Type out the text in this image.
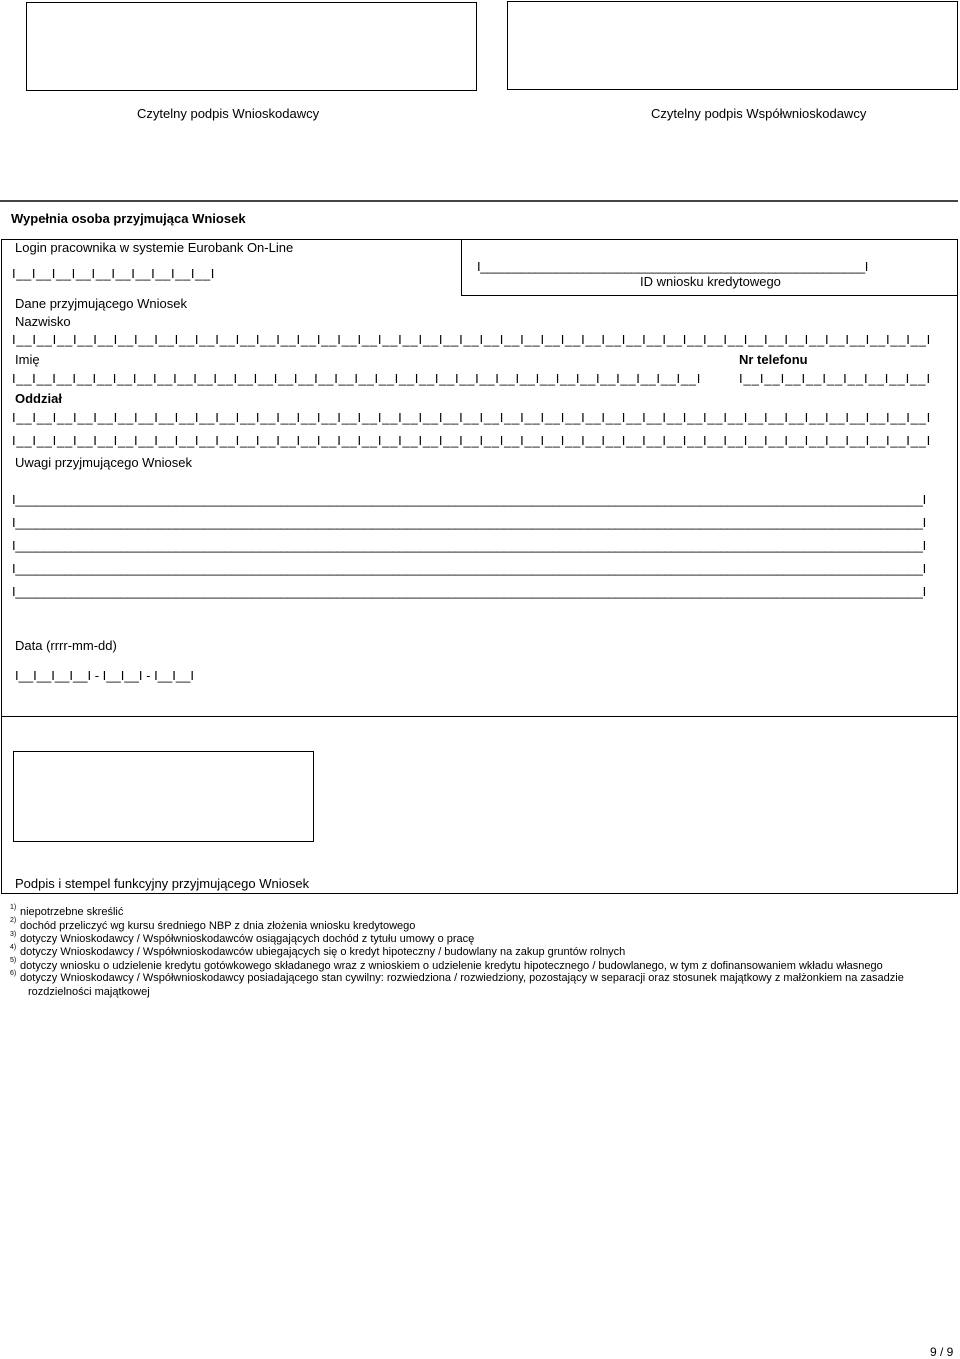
Czytelny podpis Wnioskodawcy	Czytelny podpis Współwnioskodawcy
Wypełnia osoba przyjmująca Wniosek
Login pracownika w systemie Eurobank On-Line
I__I__I__I__I__I__I__I__I__I__I	I________________________________________________________I
ID wniosku kredytowego
Dane przyjmującego Wniosek
Nazwisko
I__I__I__I__I__I__I__I__I__I__I__I__I__I__I__I__I__I__I__I__I__I__I__I__I__I__I__I__I__I__I__I__I__I__I__I__I__I__I__I__I__I__I__I__I__I
Imię	Nr telefonu
I__I__I__I__I__I__I__I__I__I__I__I__I__I__I__I__I__I__I__I__I__I__I__I__I__I__I__I__I__I__I__I__I__I__I	I__I__I__I__I__I__I__I__I__I
Oddział
I__I__I__I__I__I__I__I__I__I__I__I__I__I__I__I__I__I__I__I__I__I__I__I__I__I__I__I__I__I__I__I__I__I__I__I__I__I__I__I__I__I__I__I__I__I
I__I__I__I__I__I__I__I__I__I__I__I__I__I__I__I__I__I__I__I__I__I__I__I__I__I__I__I__I__I__I__I__I__I__I__I__I__I__I__I__I__I__I__I__I__I
Uwagi przyjmującego Wniosek
I__________________________________________________________________________________________________________________________________I
I__________________________________________________________________________________________________________________________________I
I__________________________________________________________________________________________________________________________________I
I__________________________________________________________________________________________________________________________________I
I__________________________________________________________________________________________________________________________________I
Data (rrrr-mm-dd)
I__I__I__I__I - I__I__I - I__I__I
Podpis i stempel funkcyjny przyjmującego Wniosek
1) niepotrzebne skreślić
2) dochód przeliczyć wg kursu średniego NBP z dnia złożenia wniosku kredytowego
3) dotyczy Wnioskodawcy / Współwnioskodawców osiągających dochód z tytułu umowy o pracę
4) dotyczy Wnioskodawcy / Współwnioskodawców ubiegających się o kredyt hipoteczny / budowlany na zakup gruntów rolnych
5) dotyczy wniosku o udzielenie kredytu gotówkowego składanego wraz z wnioskiem o udzielenie kredytu hipotecznego / budowlanego, w tym z dofinansowaniem wkładu własnego
6) dotyczy Wnioskodawcy / Współwnioskodawcy posiadającego stan cywilny: rozwiedziona / rozwiedziony, pozostający w separacji oraz stosunek majątkowy z małżonkiem na zasadzie
rozdzielności majątkowej
9 / 9
